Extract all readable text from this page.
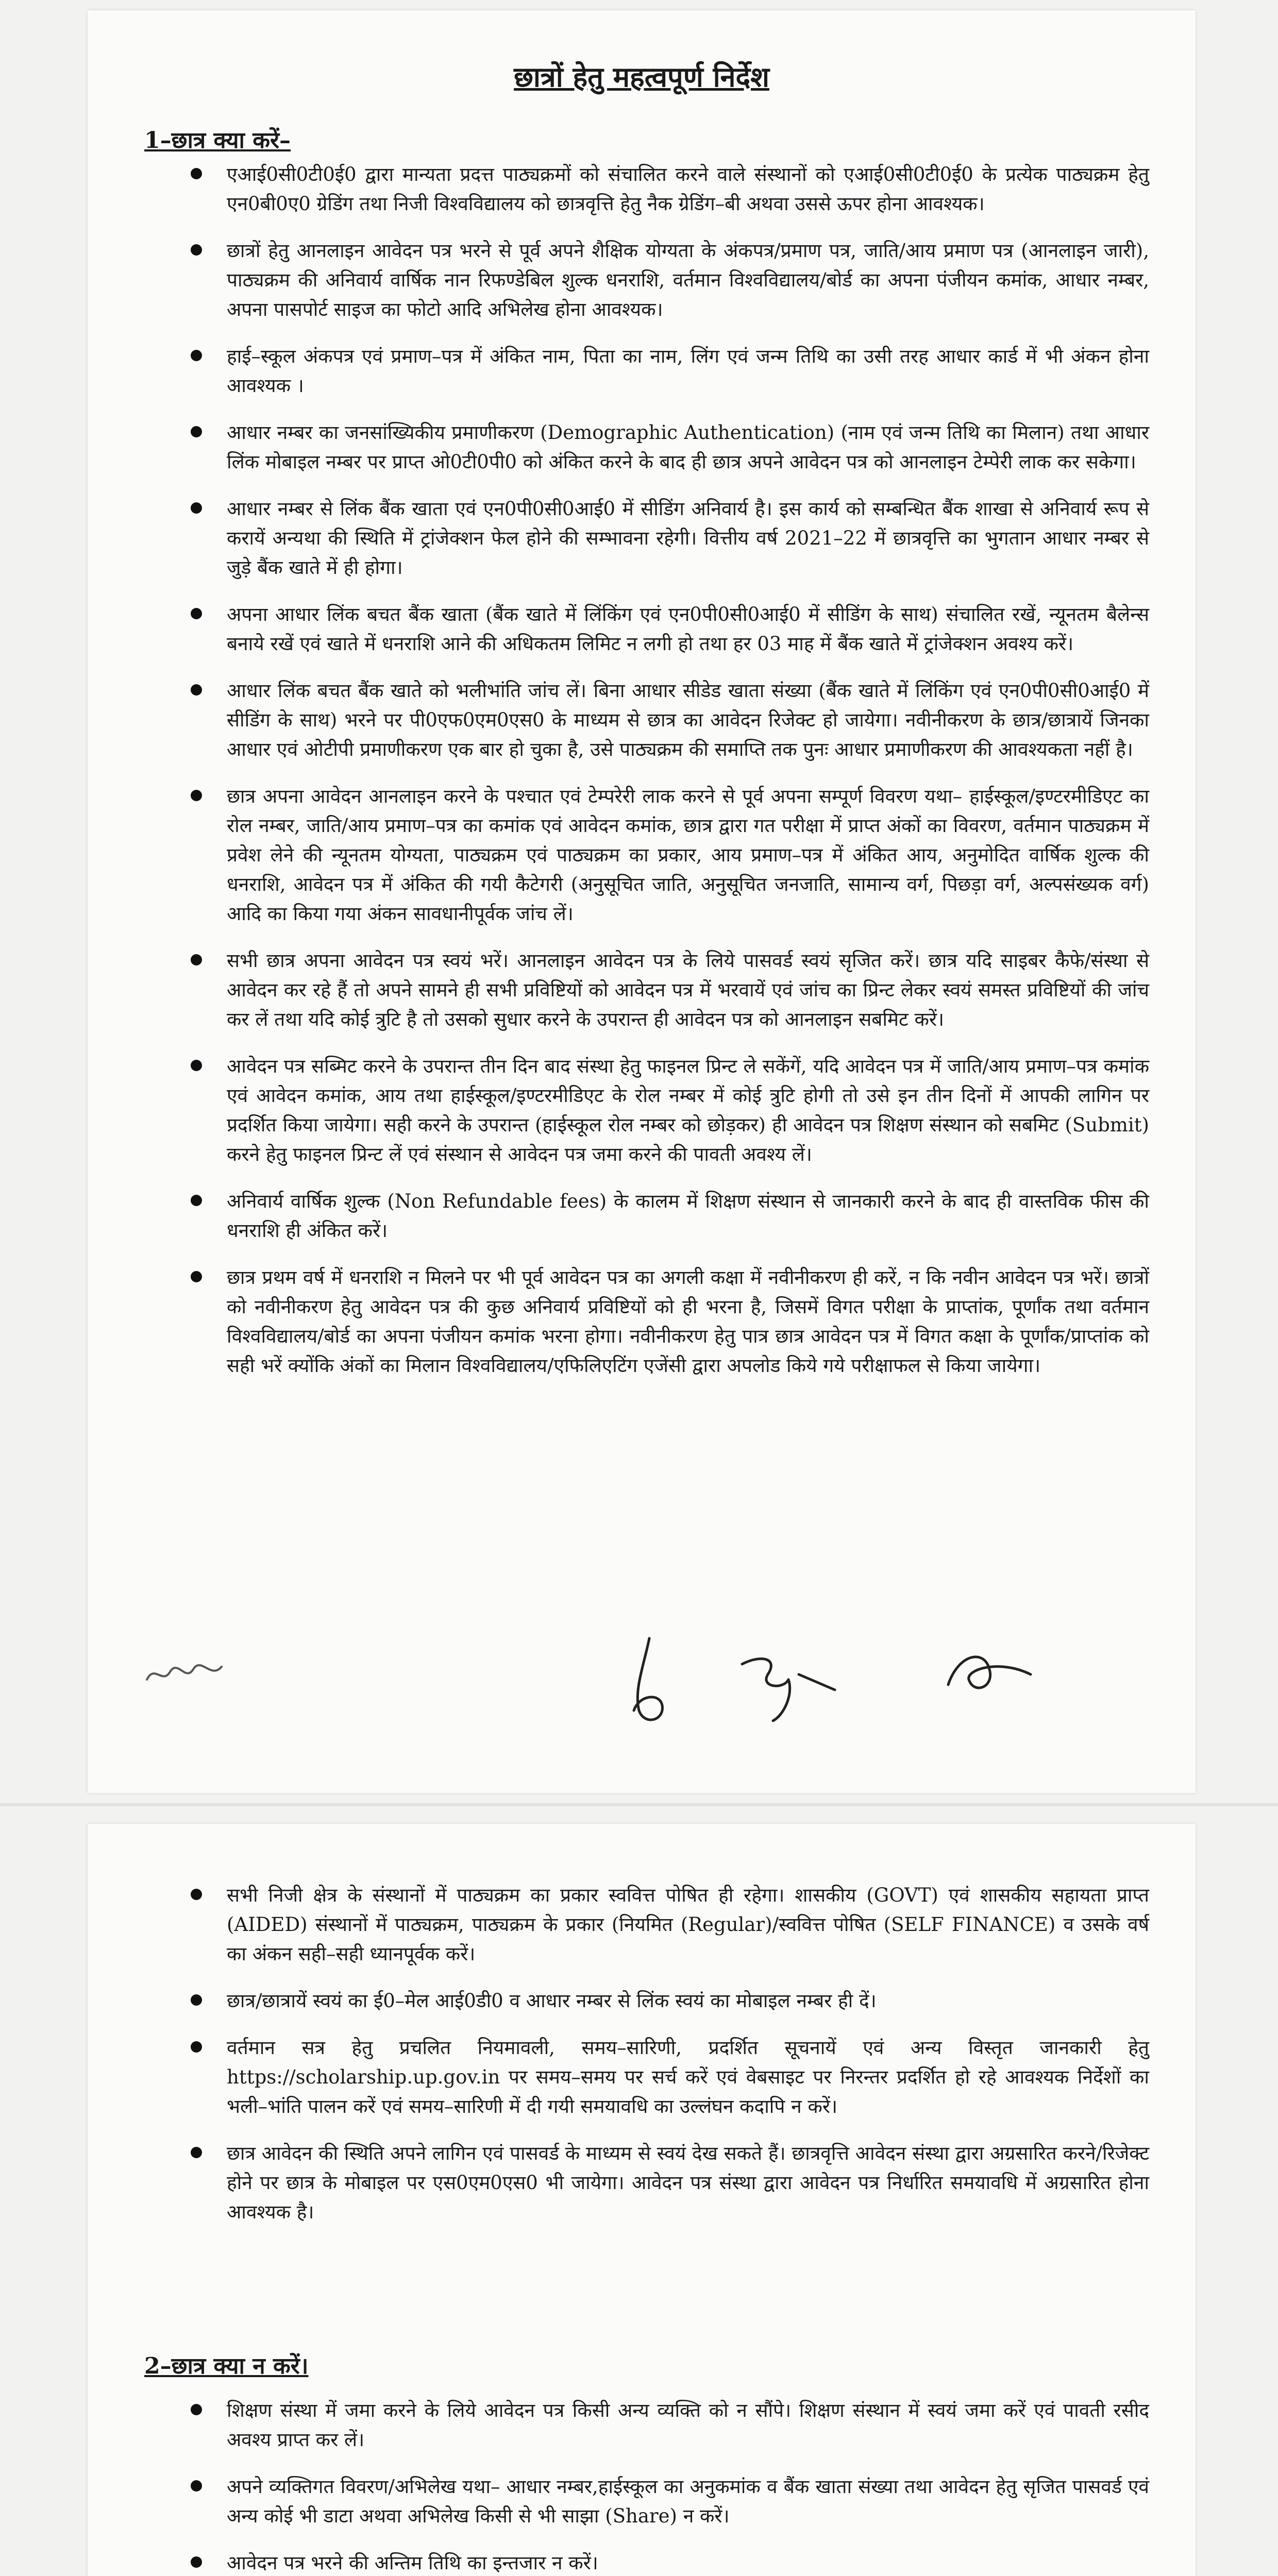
छात्रों हेतु महत्वपूर्ण निर्देश
1–छात्र क्या करें–
एआई0सी0टी0ई0 द्वारा मान्यता प्रदत्त पाठ्यक्रमों को संचालित करने वाले संस्थानों को एआई0सी0टी0ई0 के प्रत्येक पाठ्यक्रम हेतु एन0बी0ए0 ग्रेडिंग तथा निजी विश्वविद्यालय को छात्रवृत्ति हेतु नैक ग्रेडिंग–बी अथवा उससे ऊपर होना आवश्यक।
छात्रों हेतु आनलाइन आवेदन पत्र भरने से पूर्व अपने शैक्षिक योग्यता के अंकपत्र/प्रमाण पत्र, जाति/आय प्रमाण पत्र (आनलाइन जारी), पाठ्यक्रम की अनिवार्य वार्षिक नान रिफण्डेबिल शुल्क धनराशि, वर्तमान विश्वविद्यालय/बोर्ड का अपना पंजीयन कमांक, आधार नम्बर, अपना पासपोर्ट साइज का फोटो आदि अभिलेख होना आवश्यक।
हाई–स्कूल अंकपत्र एवं प्रमाण–पत्र में अंकित नाम, पिता का नाम, लिंग एवं जन्म तिथि का उसी तरह आधार कार्ड में भी अंकन होना आवश्यक ।
आधार नम्बर का जनसांख्यिकीय प्रमाणीकरण (Demographic Authentication) (नाम एवं जन्म तिथि का मिलान) तथा आधार लिंक मोबाइल नम्बर पर प्राप्त ओ0टी0पी0 को अंकित करने के बाद ही छात्र अपने आवेदन पत्र को आनलाइन टेम्पेरी लाक कर सकेगा।
आधार नम्बर से लिंक बैंक खाता एवं एन0पी0सी0आई0 में सीडिंग अनिवार्य है। इस कार्य को सम्बन्धित बैंक शाखा से अनिवार्य रूप से करायें अन्यथा की स्थिति में ट्रांजेक्शन फेल होने की सम्भावना रहेगी। वित्तीय वर्ष 2021–22 में छात्रवृत्ति का भुगतान आधार नम्बर से जुड़े बैंक खाते में ही होगा।
अपना आधार लिंक बचत बैंक खाता (बैंक खाते में लिंकिंग एवं एन0पी0सी0आई0 में सीडिंग के साथ) संचालित रखें, न्यूनतम बैलेन्स बनाये रखें एवं खाते में धनराशि आने की अधिकतम लिमिट न लगी हो तथा हर 03 माह में बैंक खाते में ट्रांजेक्शन अवश्य करें।
आधार लिंक बचत बैंक खाते को भलीभांति जांच लें। बिना आधार सीडेड खाता संख्या (बैंक खाते में लिंकिंग एवं एन0पी0सी0आई0 में सीडिंग के साथ) भरने पर पी0एफ0एम0एस0 के माध्यम से छात्र का आवेदन रिजेक्ट हो जायेगा। नवीनीकरण के छात्र/छात्रायें जिनका आधार एवं ओटीपी प्रमाणीकरण एक बार हो चुका है, उसे पाठ्यक्रम की समाप्ति तक पुनः आधार प्रमाणीकरण की आवश्यकता नहीं है।
छात्र अपना आवेदन आनलाइन करने के पश्चात एवं टेम्परेरी लाक करने से पूर्व अपना सम्पूर्ण विवरण यथा– हाईस्कूल/इण्टरमीडिएट का रोल नम्बर, जाति/आय प्रमाण–पत्र का कमांक एवं आवेदन कमांक, छात्र द्वारा गत परीक्षा में प्राप्त अंकों का विवरण, वर्तमान पाठ्यक्रम में प्रवेश लेने की न्यूनतम योग्यता, पाठ्यक्रम एवं पाठ्यक्रम का प्रकार, आय प्रमाण–पत्र में अंकित आय, अनुमोदित वार्षिक शुल्क की धनराशि, आवेदन पत्र में अंकित की गयी कैटेगरी (अनुसूचित जाति, अनुसूचित जनजाति, सामान्य वर्ग, पिछड़ा वर्ग, अल्पसंख्यक वर्ग) आदि का किया गया अंकन सावधानीपूर्वक जांच लें।
सभी छात्र अपना आवेदन पत्र स्वयं भरें। आनलाइन आवेदन पत्र के लिये पासवर्ड स्वयं सृजित करें। छात्र यदि साइबर कैफे/संस्था से आवेदन कर रहे हैं तो अपने सामने ही सभी प्रविष्टियों को आवेदन पत्र में भरवायें एवं जांच का प्रिन्ट लेकर स्वयं समस्त प्रविष्टियों की जांच कर लें तथा यदि कोई त्रुटि है तो उसको सुधार करने के उपरान्त ही आवेदन पत्र को आनलाइन सबमिट करें।
आवेदन पत्र सब्मिट करने के उपरान्त तीन दिन बाद संस्था हेतु फाइनल प्रिन्ट ले सकेंगें, यदि आवेदन पत्र में जाति/आय प्रमाण–पत्र कमांक एवं आवेदन कमांक, आय तथा हाईस्कूल/इण्टरमीडिएट के रोल नम्बर में कोई त्रुटि होगी तो उसे इन तीन दिनों में आपकी लागिन पर प्रदर्शित किया जायेगा। सही करने के उपरान्त (हाईस्कूल रोल नम्बर को छोड़कर) ही आवेदन पत्र शिक्षण संस्थान को सबमिट (Submit) करने हेतु फाइनल प्रिन्ट लें एवं संस्थान से आवेदन पत्र जमा करने की पावती अवश्य लें।
अनिवार्य वार्षिक शुल्क (Non Refundable fees) के कालम में शिक्षण संस्थान से जानकारी करने के बाद ही वास्तविक फीस की धनराशि ही अंकित करें।
छात्र प्रथम वर्ष में धनराशि न मिलने पर भी पूर्व आवेदन पत्र का अगली कक्षा में नवीनीकरण ही करें, न कि नवीन आवेदन पत्र भरें। छात्रों को नवीनीकरण हेतु आवेदन पत्र की कुछ अनिवार्य प्रविष्टियों को ही भरना है, जिसमें विगत परीक्षा के प्राप्तांक, पूर्णांक तथा वर्तमान विश्वविद्यालय/बोर्ड का अपना पंजीयन कमांक भरना होगा। नवीनीकरण हेतु पात्र छात्र आवेदन पत्र में विगत कक्षा के पूर्णांक/प्राप्तांक को सही भरें क्योंकि अंकों का मिलान विश्वविद्यालय/एफिलिएटिंग एजेंसी द्वारा अपलोड किये गये परीक्षाफल से किया जायेगा।
सभी निजी क्षेत्र के संस्थानों में पाठ्यक्रम का प्रकार स्ववित्त पोषित ही रहेगा। शासकीय (GOVT) एवं शासकीय सहायता प्राप्त (AIDED) संस्थानों में पाठ्यक्रम, पाठ्यक्रम के प्रकार (नियमित (Regular)/स्ववित्त पोषित (SELF FINANCE) व उसके वर्ष का अंकन सही–सही ध्यानपूर्वक करें।
छात्र/छात्रायें स्वयं का ई0–मेल आई0डी0 व आधार नम्बर से लिंक स्वयं का मोबाइल नम्बर ही दें।
वर्तमान सत्र हेतु प्रचलित नियमावली, समय–सारिणी, प्रदर्शित सूचनायें एवं अन्य विस्तृत जानकारी हेतु https://scholarship.up.gov.in पर समय–समय पर सर्च करें एवं वेबसाइट पर निरन्तर प्रदर्शित हो रहे आवश्यक निर्देशों का भली–भांति पालन करें एवं समय–सारिणी में दी गयी समयावधि का उल्लंघन कदापि न करें।
छात्र आवेदन की स्थिति अपने लागिन एवं पासवर्ड के माध्यम से स्वयं देख सकते हैं। छात्रवृत्ति आवेदन संस्था द्वारा अग्रसारित करने/रिजेक्ट होने पर छात्र के मोबाइल पर एस0एम0एस0 भी जायेगा। आवेदन पत्र संस्था द्वारा आवेदन पत्र निर्धारित समयावधि में अग्रसारित होना आवश्यक है।
2–छात्र क्या न करें।
शिक्षण संस्था में जमा करने के लिये आवेदन पत्र किसी अन्य व्यक्ति को न सौंपे। शिक्षण संस्थान में स्वयं जमा करें एवं पावती रसीद अवश्य प्राप्त कर लें।
अपने व्यक्तिगत विवरण/अभिलेख यथा– आधार नम्बर,हाईस्कूल का अनुकमांक व बैंक खाता संख्या तथा आवेदन हेतु सृजित पासवर्ड एवं अन्य कोई भी डाटा अथवा अभिलेख किसी से भी साझा (Share) न करें।
आवेदन पत्र भरने की अन्तिम तिथि का इन्तजार न करें।
